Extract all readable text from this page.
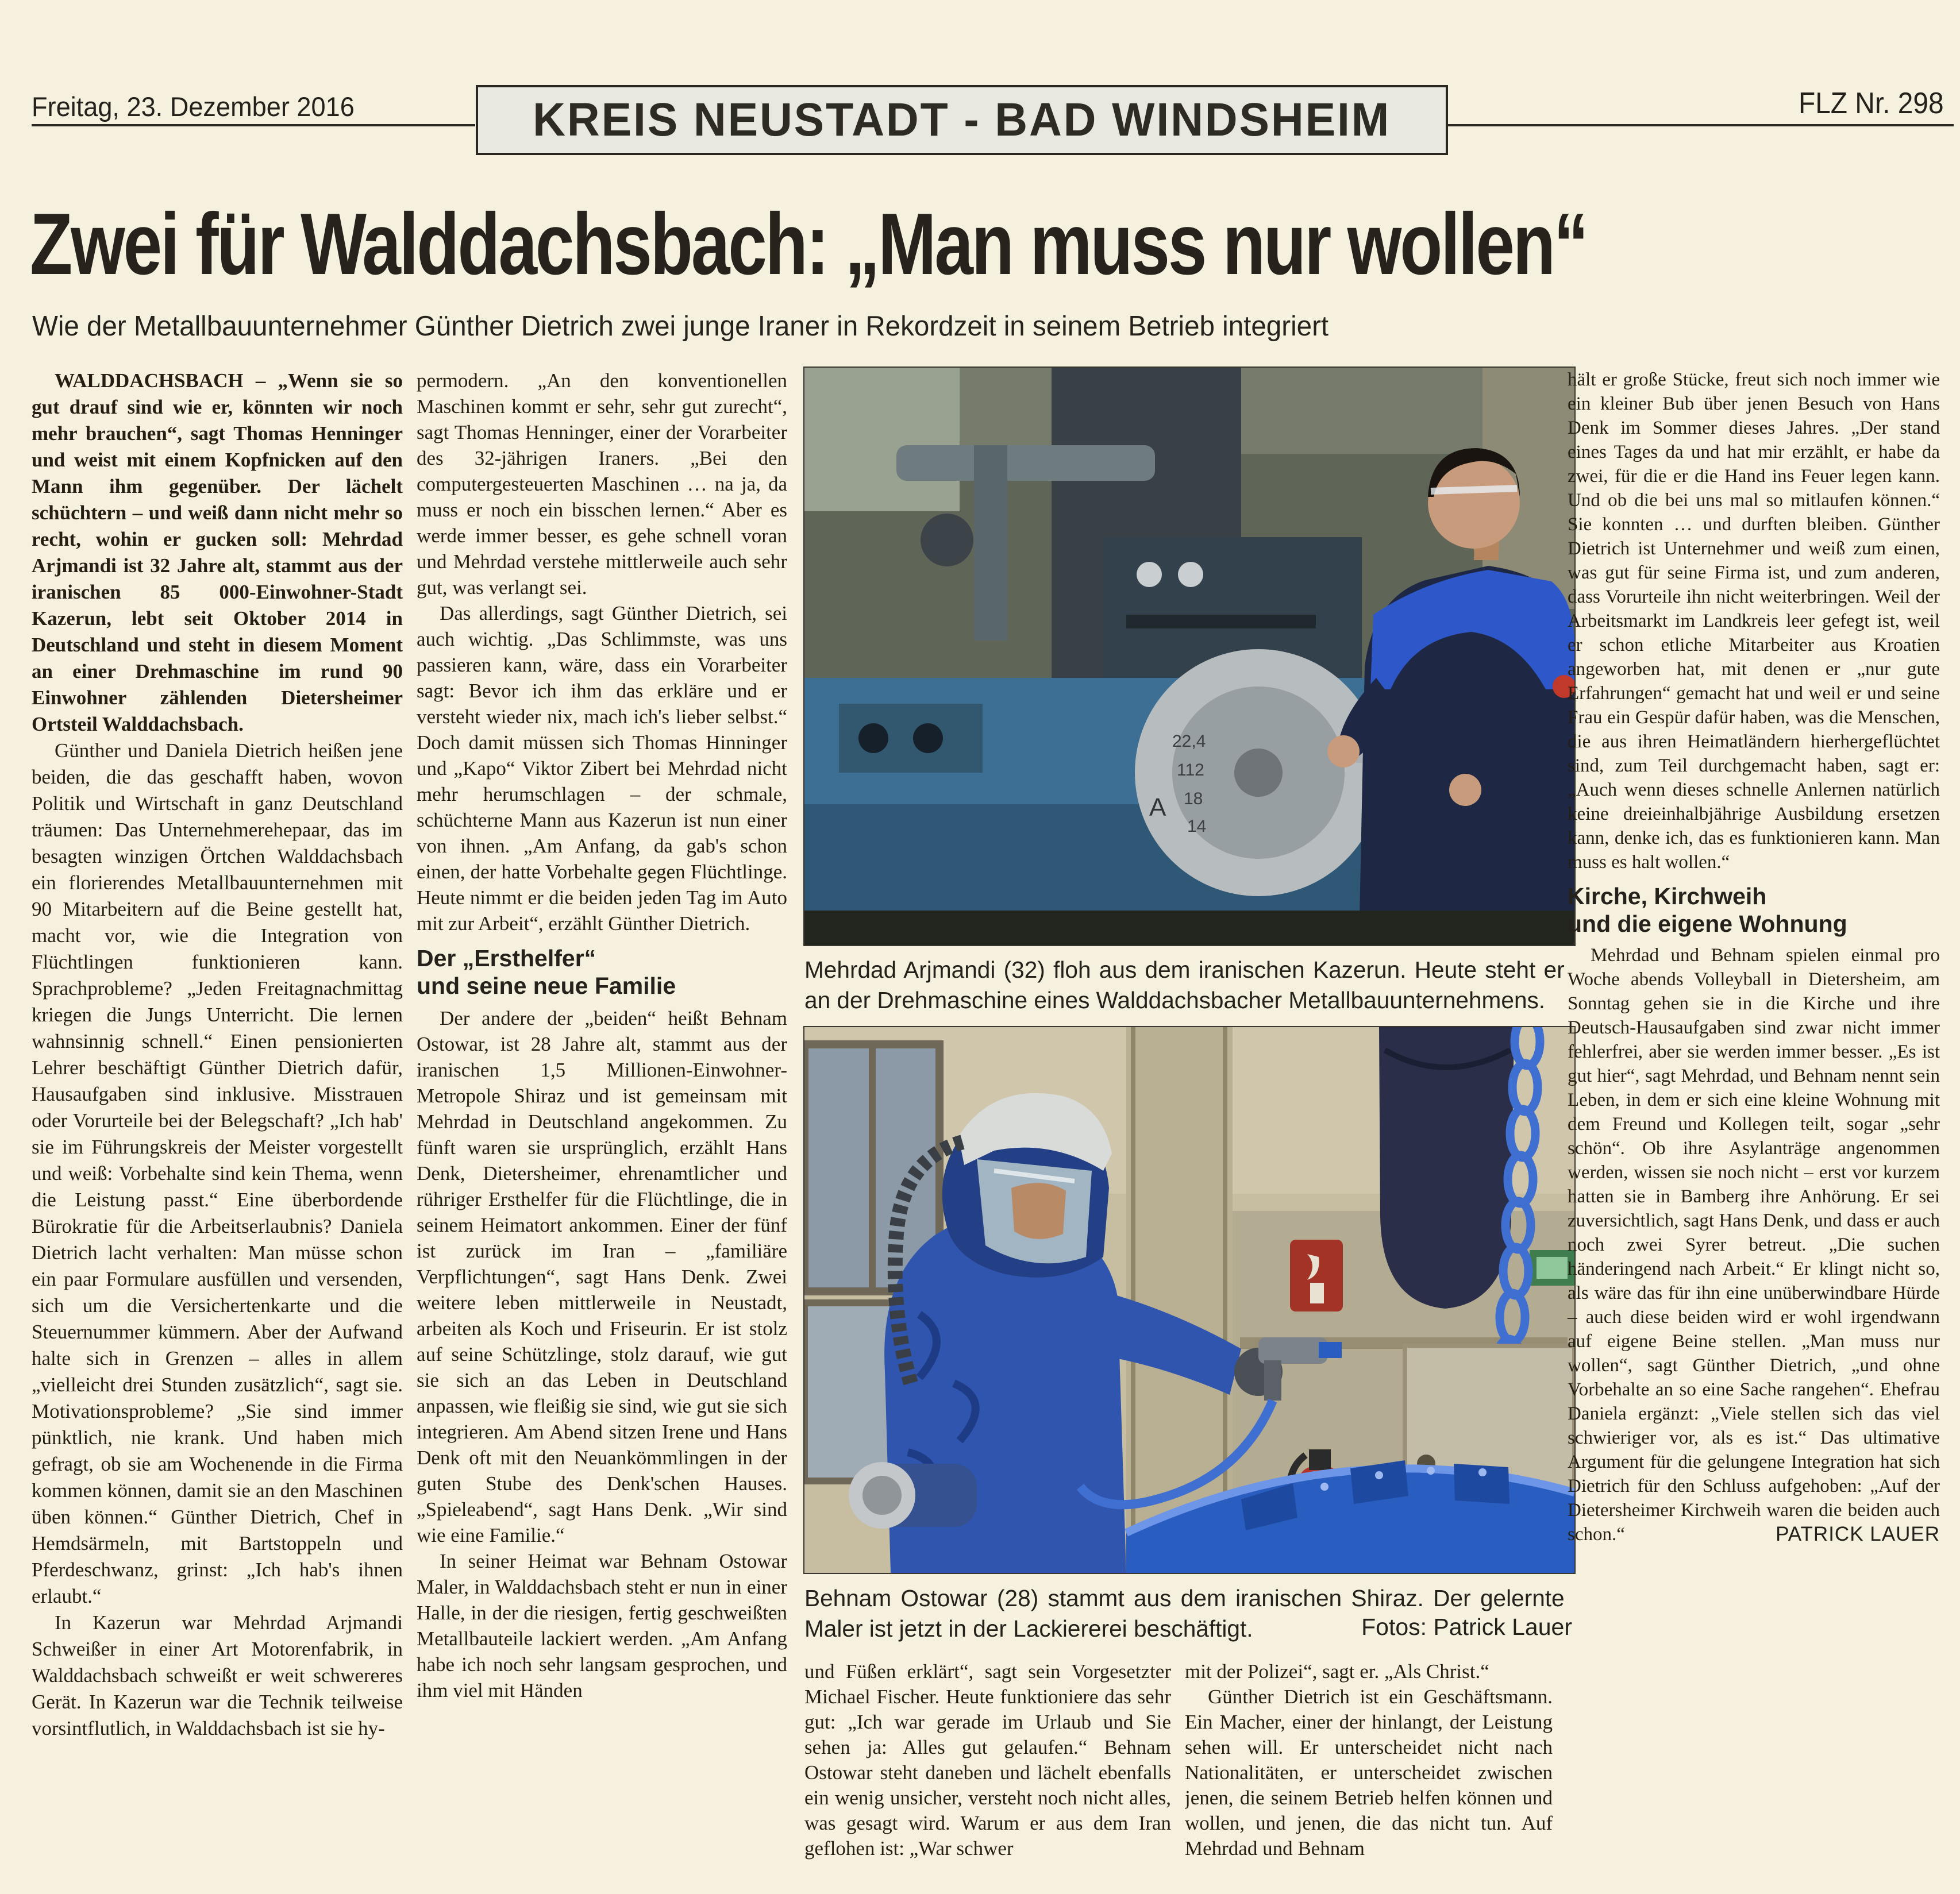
Freitag, 23. Dezember 2016	KREIS NEUSTADT - BAD WINDSHEIM	FLZ Nr. 298
Zwei für Walddachsbach: „Man muss nur wollen“
Wie der Metallbauunternehmer Günther Dietrich zwei junge Iraner in Rekordzeit in seinem Betrieb integriert

WALDDACHSBACH – „Wenn sie so gut drauf sind wie er, könnten wir noch mehr brauchen“, sagt Thomas Henninger und weist mit einem Kopfnicken auf den Mann ihm gegenüber. Der lächelt schüchtern – und weiß dann nicht mehr so recht, wohin er gucken soll: Mehrdad Arjmandi ist 32 Jahre alt, stammt aus der iranischen 85 000-Einwohner-Stadt Kazerun, lebt seit Oktober 2014 in Deutschland und steht in diesem Moment an einer Drehmaschine im rund 90 Einwohner zählenden Dietersheimer Ortsteil Walddachsbach.

Günther und Daniela Dietrich heißen jene beiden, die das geschafft haben, wovon Politik und Wirtschaft in ganz Deutschland träumen: Das Unternehmerehepaar, das im besagten winzigen Örtchen Walddachsbach ein florierendes Metallbauunternehmen mit 90 Mitarbeitern auf die Beine gestellt hat, macht vor, wie die Integration von Flüchtlingen funktionieren kann. Sprachprobleme? „Jeden Freitagnachmittag kriegen die Jungs Unterricht. Die lernen wahnsinnig schnell.“ Einen pensionierten Lehrer beschäftigt Günther Dietrich dafür, Hausaufgaben sind inklusive. Misstrauen oder Vorurteile bei der Belegschaft? „Ich hab' sie im Führungskreis der Meister vorgestellt und weiß: Vorbehalte sind kein Thema, wenn die Leistung passt.“ Eine überbordende Bürokratie für die Arbeitserlaubnis? Daniela Dietrich lacht verhalten: Man müsse schon ein paar Formulare ausfüllen und versenden, sich um die Versichertenkarte und die Steuernummer kümmern. Aber der Aufwand halte sich in Grenzen – alles in allem „vielleicht drei Stunden zusätzlich“, sagt sie. Motivationsprobleme? „Sie sind immer pünktlich, nie krank. Und haben mich gefragt, ob sie am Wochenende in die Firma kommen können, damit sie an den Maschinen üben können.“ Günther Dietrich, Chef in Hemdsärmeln, mit Bartstoppeln und Pferdeschwanz, grinst: „Ich hab's ihnen erlaubt.“

In Kazerun war Mehrdad Arjmandi Schweißer in einer Art Motorenfabrik, in Walddachsbach schweißt er weit schwereres Gerät. In Kazerun war die Technik teilweise vorsintflutlich, in Walddachsbach ist sie hy-

permodern. „An den konventionellen Maschinen kommt er sehr, sehr gut zurecht“, sagt Thomas Henninger, einer der Vorarbeiter des 32-jährigen Iraners. „Bei den computergesteuerten Maschinen … na ja, da muss er noch ein bisschen lernen.“ Aber es werde immer besser, es gehe schnell voran und Mehrdad verstehe mittlerweile auch sehr gut, was verlangt sei.

Das allerdings, sagt Günther Dietrich, sei auch wichtig. „Das Schlimmste, was uns passieren kann, wäre, dass ein Vorarbeiter sagt: Bevor ich ihm das erkläre und er versteht wieder nix, mach ich's lieber selbst.“ Doch damit müssen sich Thomas Hinninger und „Kapo“ Viktor Zibert bei Mehrdad nicht mehr herumschlagen – der schmale, schüchterne Mann aus Kazerun ist nun einer von ihnen. „Am Anfang, da gab's schon einen, der hatte Vorbehalte gegen Flüchtlinge. Heute nimmt er die beiden jeden Tag im Auto mit zur Arbeit“, erzählt Günther Dietrich.

Der „Ersthelfer“
und seine neue Familie

Der andere der „beiden“ heißt Behnam Ostowar, ist 28 Jahre alt, stammt aus der iranischen 1,5 Millionen-Einwohner-Metropole Shiraz und ist gemeinsam mit Mehrdad in Deutschland angekommen. Zu fünft waren sie ursprünglich, erzählt Hans Denk, Dietersheimer, ehrenamtlicher und rühriger Ersthelfer für die Flüchtlinge, die in seinem Heimatort ankommen. Einer der fünf ist zurück im Iran – „familiäre Verpflichtungen“, sagt Hans Denk. Zwei weitere leben mittlerweile in Neustadt, arbeiten als Koch und Friseurin. Er ist stolz auf seine Schützlinge, stolz darauf, wie gut sie sich an das Leben in Deutschland anpassen, wie fleißig sie sind, wie gut sie sich integrieren. Am Abend sitzen Irene und Hans Denk oft mit den Neuankömmlingen in der guten Stube des Denk'schen Hauses. „Spieleabend“, sagt Hans Denk. „Wir sind wie eine Familie.“

In seiner Heimat war Behnam Ostowar Maler, in Walddachsbach steht er nun in einer Halle, in der die riesigen, fertig geschweißten Metallbauteile lackiert werden. „Am Anfang habe ich noch sehr langsam gesprochen, und ihm viel mit Händen

22,4
112
18
14
A
Mehrdad Arjmandi (32) floh aus dem iranischen Kazerun. Heute steht er an der Drehmaschine eines Walddachsbacher Metallbauunternehmens.
Behnam Ostowar (28) stammt aus dem iranischen Shiraz. Der gelernte Maler ist jetzt in der Lackiererei beschäftigt.	Fotos: Patrick Lauer

und Füßen erklärt“, sagt sein Vorgesetzter Michael Fischer. Heute funktioniere das sehr gut: „Ich war gerade im Urlaub und Sie sehen ja: Alles gut gelaufen.“ Behnam Ostowar steht daneben und lächelt ebenfalls ein wenig unsicher, versteht noch nicht alles, was gesagt wird. Warum er aus dem Iran geflohen ist: „War schwer

mit der Polizei“, sagt er. „Als Christ.“

Günther Dietrich ist ein Geschäftsmann. Ein Macher, einer der hinlangt, der Leistung sehen will. Er unterscheidet nicht nach Nationalitäten, er unterscheidet zwischen jenen, die seinem Betrieb helfen können und wollen, und jenen, die das nicht tun. Auf Mehrdad und Behnam

hält er große Stücke, freut sich noch immer wie ein kleiner Bub über jenen Besuch von Hans Denk im Sommer dieses Jahres. „Der stand eines Tages da und hat mir erzählt, er habe da zwei, für die er die Hand ins Feuer legen kann. Und ob die bei uns mal so mitlaufen können.“ Sie konnten … und durften bleiben. Günther Dietrich ist Unternehmer und weiß zum einen, was gut für seine Firma ist, und zum anderen, dass Vorurteile ihn nicht weiterbringen. Weil der Arbeitsmarkt im Landkreis leer gefegt ist, weil er schon etliche Mitarbeiter aus Kroatien angeworben hat, mit denen er „nur gute Erfahrungen“ gemacht hat und weil er und seine Frau ein Gespür dafür haben, was die Menschen, die aus ihren Heimatländern hierhergeflüchtet sind, zum Teil durchgemacht haben, sagt er: „Auch wenn dieses schnelle Anlernen natürlich keine dreieinhalbjährige Ausbildung ersetzen kann, denke ich, das es funktionieren kann. Man muss es halt wollen.“

Kirche, Kirchweih
und die eigene Wohnung

Mehrdad und Behnam spielen einmal pro Woche abends Volleyball in Dietersheim, am Sonntag gehen sie in die Kirche und ihre Deutsch-Hausaufgaben sind zwar nicht immer fehlerfrei, aber sie werden immer besser. „Es ist gut hier“, sagt Mehrdad, und Behnam nennt sein Leben, in dem er sich eine kleine Wohnung mit dem Freund und Kollegen teilt, sogar „sehr schön“. Ob ihre Asylanträge angenommen werden, wissen sie noch nicht – erst vor kurzem hatten sie in Bamberg ihre Anhörung. Er sei zuversichtlich, sagt Hans Denk, und dass er auch noch zwei Syrer betreut. „Die suchen händeringend nach Arbeit.“ Er klingt nicht so, als wäre das für ihn eine unüberwindbare Hürde – auch diese beiden wird er wohl irgendwann auf eigene Beine stellen. „Man muss nur wollen“, sagt Günther Dietrich, „und ohne Vorbehalte an so eine Sache rangehen“. Ehefrau Daniela ergänzt: „Viele stellen sich das viel schwieriger vor, als es ist.“ Das ultimative Argument für die gelungene Integration hat sich Dietrich für den Schluss aufgehoben: „Auf der Dietersheimer Kirchweih waren die beiden auch schon.“	PATRICK LAUER
